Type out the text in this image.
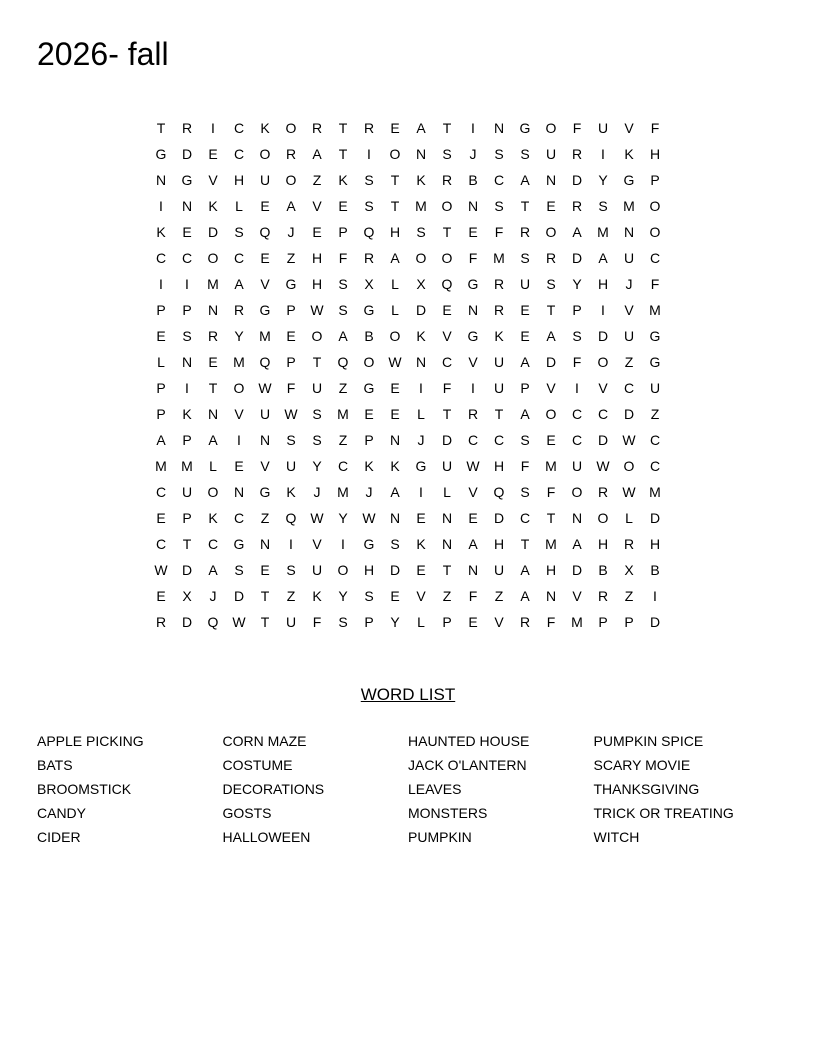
2026- fall
T	R	I	C	K	O	R	T	R	E	A	T	I	N	G	O	F	U	V	F
G	D	E	C	O	R	A	T	I	O	N	S	J	S	S	U	R	I	K	H
N	G	V	H	U	O	Z	K	S	T	K	R	B	C	A	N	D	Y	G	P
I	N	K	L	E	A	V	E	S	T	M	O	N	S	T	E	R	S	M	O
K	E	D	S	Q	J	E	P	Q	H	S	T	E	F	R	O	A	M	N	O
C	C	O	C	E	Z	H	F	R	A	O	O	F	M	S	R	D	A	U	C
I	I	M	A	V	G	H	S	X	L	X	Q	G	R	U	S	Y	H	J	F
P	P	N	R	G	P	W	S	G	L	D	E	N	R	E	T	P	I	V	M
E	S	R	Y	M	E	O	A	B	O	K	V	G	K	E	A	S	D	U	G
L	N	E	M	Q	P	T	Q	O	W	N	C	V	U	A	D	F	O	Z	G
P	I	T	O	W	F	U	Z	G	E	I	F	I	U	P	V	I	V	C	U
P	K	N	V	U	W	S	M	E	E	L	T	R	T	A	O	C	C	D	Z
A	P	A	I	N	S	S	Z	P	N	J	D	C	C	S	E	C	D	W	C
M	M	L	E	V	U	Y	C	K	K	G	U	W	H	F	M	U	W	O	C
C	U	O	N	G	K	J	M	J	A	I	L	V	Q	S	F	O	R	W	M
E	P	K	C	Z	Q	W	Y	W	N	E	N	E	D	C	T	N	O	L	D
C	T	C	G	N	I	V	I	G	S	K	N	A	H	T	M	A	H	R	H
W	D	A	S	E	S	U	O	H	D	E	T	N	U	A	H	D	B	X	B
E	X	J	D	T	Z	K	Y	S	E	V	Z	F	Z	A	N	V	R	Z	I
R	D	Q	W	T	U	F	S	P	Y	L	P	E	V	R	F	M	P	P	D
WORD LIST
APPLE PICKING
BATS
BROOMSTICK
CANDY
CIDER
CORN MAZE
COSTUME
DECORATIONS
GOSTS
HALLOWEEN
HAUNTED HOUSE
JACK O'LANTERN
LEAVES
MONSTERS
PUMPKIN
PUMPKIN SPICE
SCARY MOVIE
THANKSGIVING
TRICK OR TREATING
WITCH
